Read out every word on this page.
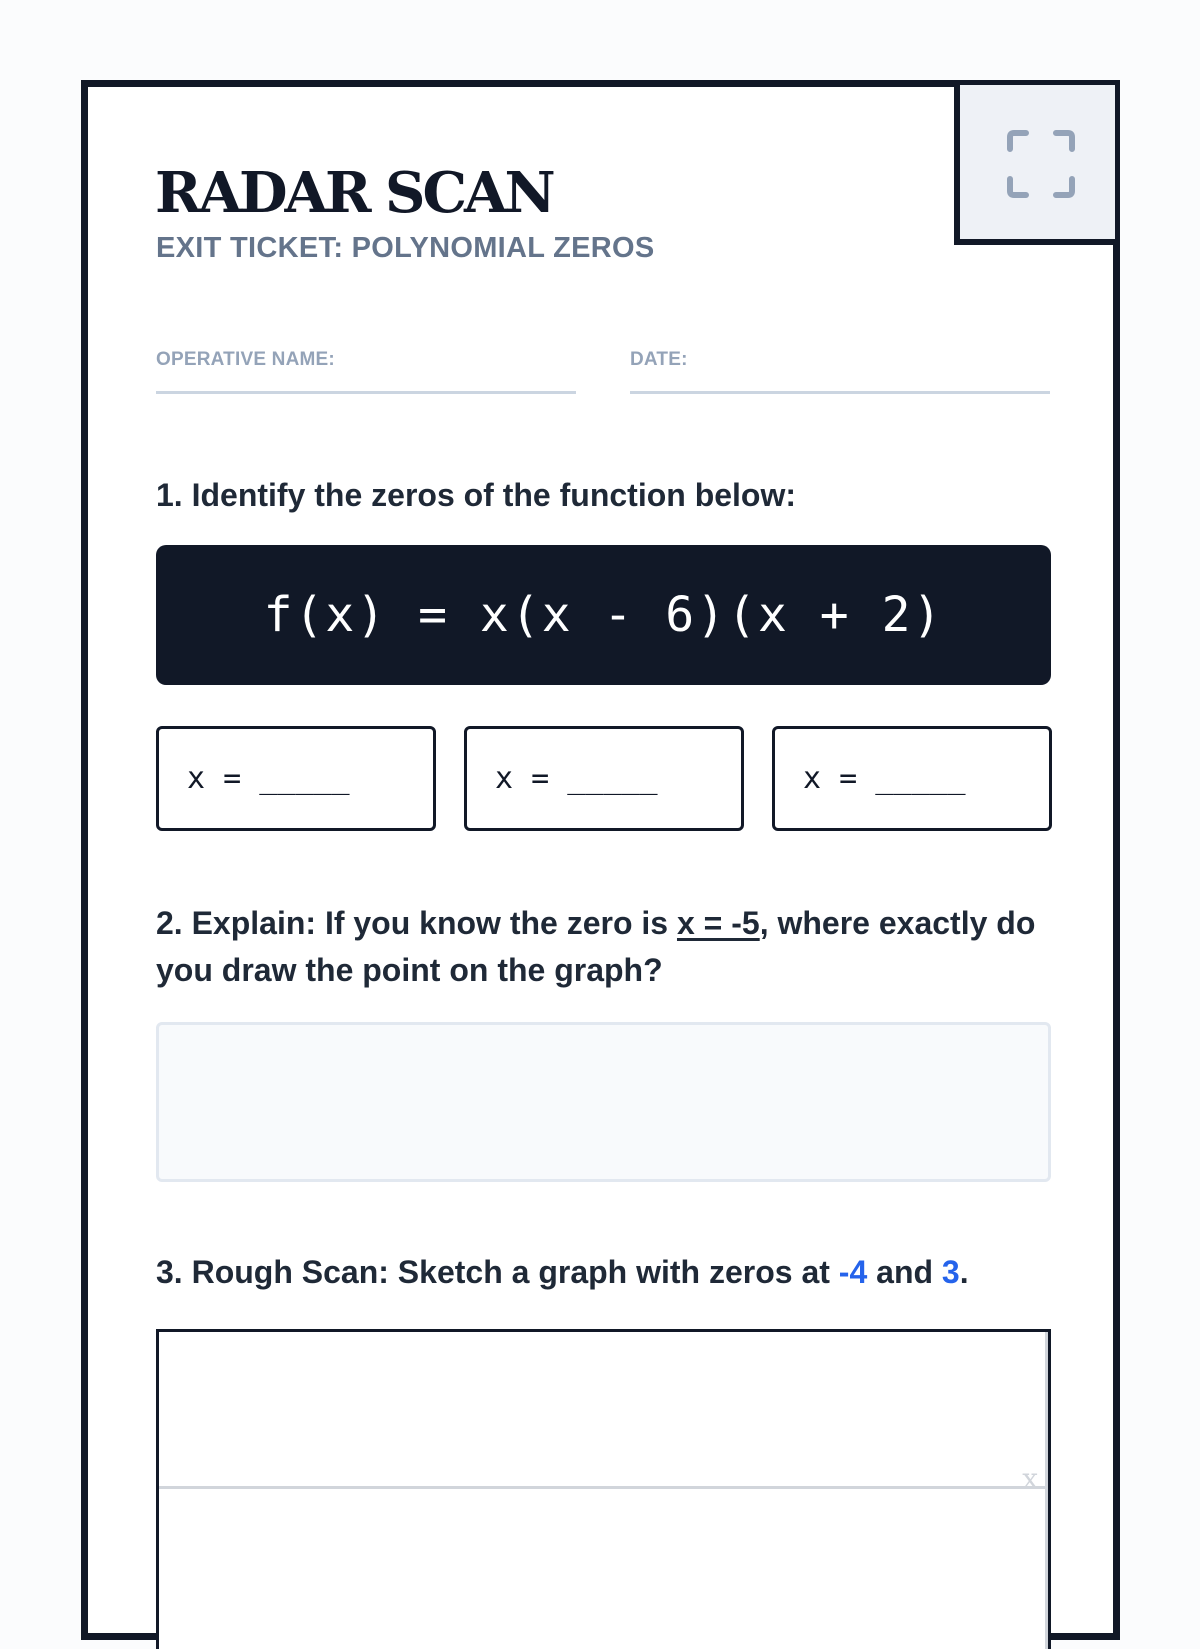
RADAR SCAN
EXIT TICKET: POLYNOMIAL ZEROS
OPERATIVE NAME:	DATE:
1. Identify the zeros of the function below:
f(x) = x(x - 6)(x + 2)
x = _____	x = _____	x = _____
2. Explain: If you know the zero is x = -5, where exactly do you draw the point on the graph?
3. Rough Scan: Sketch a graph with zeros at -4 and 3.
x
